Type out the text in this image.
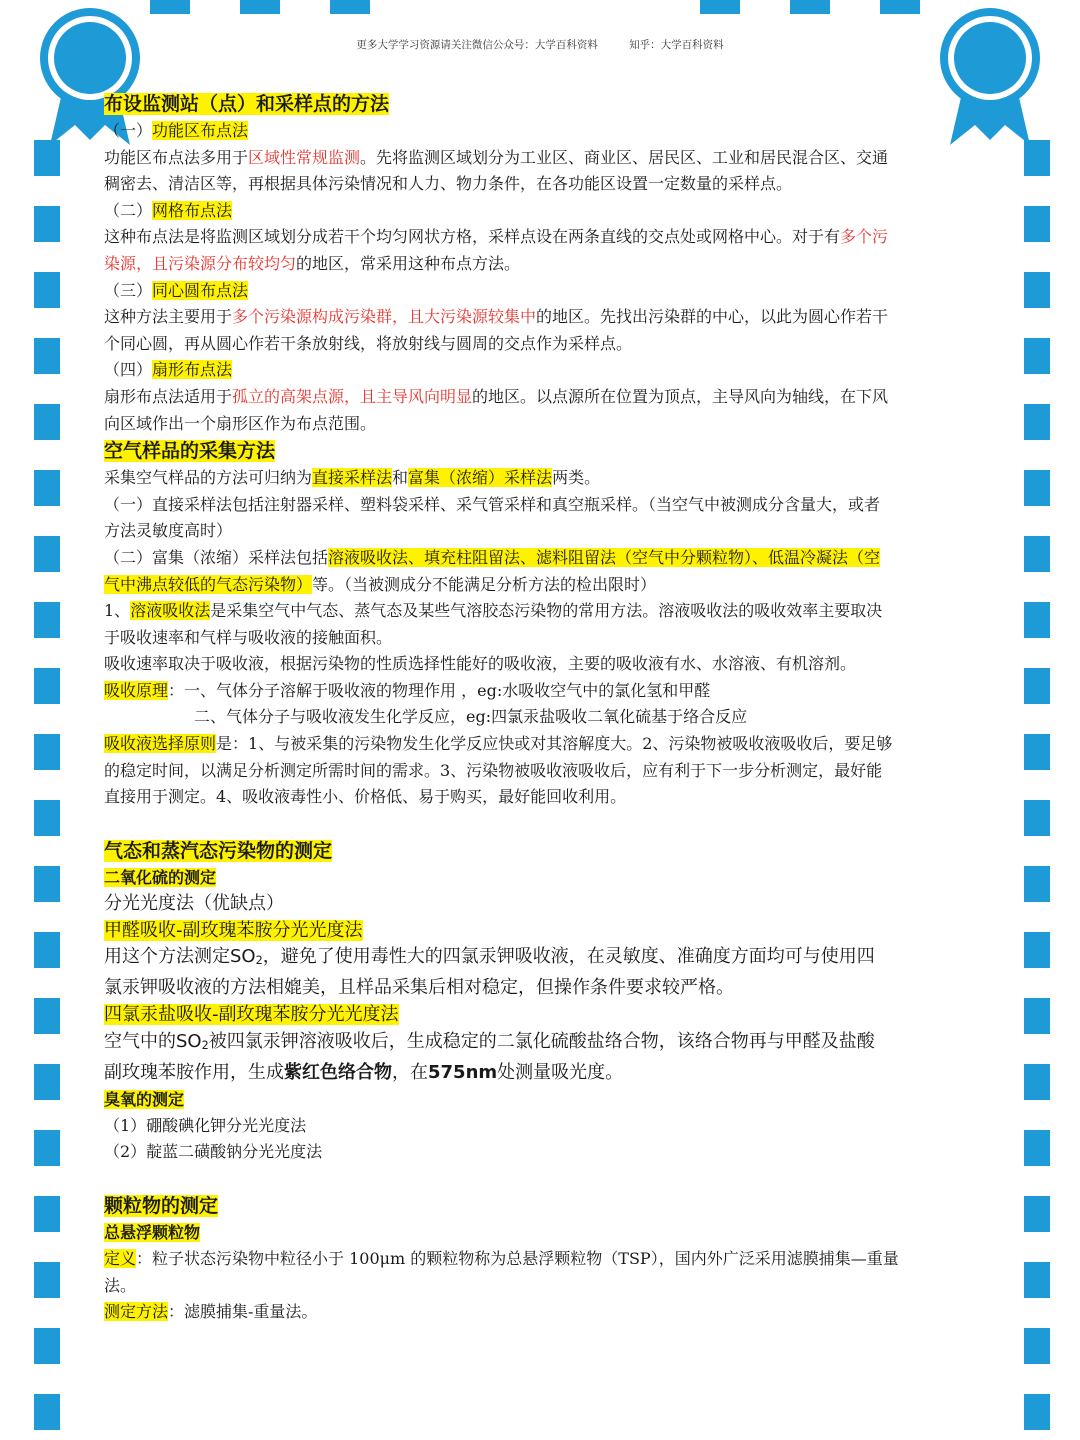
更多大学学习资源请关注微信公众号：大学百科资料	知乎：大学百科资料
布设监测站（点）和采样点的方法
（一）功能区布点法
功能区布点法多用于区域性常规监测。先将监测区域划分为工业区、商业区、居民区、工业和居民混合区、交通
稠密去、清洁区等，再根据具体污染情况和人力、物力条件，在各功能区设置一定数量的采样点。
（二）网格布点法
这种布点法是将监测区域划分成若干个均匀网状方格，采样点设在两条直线的交点处或网格中心。对于有多个污
染源，且污染源分布较均匀的地区，常采用这种布点方法。
（三）同心圆布点法
这种方法主要用于多个污染源构成污染群，且大污染源较集中的地区。先找出污染群的中心，以此为圆心作若干
个同心圆，再从圆心作若干条放射线，将放射线与圆周的交点作为采样点。
（四）扇形布点法
扇形布点法适用于孤立的高架点源，且主导风向明显的地区。以点源所在位置为顶点，主导风向为轴线，在下风
向区域作出一个扇形区作为布点范围。
空气样品的采集方法
采集空气样品的方法可归纳为直接采样法和富集（浓缩）采样法两类。
（一）直接采样法包括注射器采样、塑料袋采样、采气管采样和真空瓶采样。（当空气中被测成分含量大，或者
方法灵敏度高时）
（二）富集（浓缩）采样法包括溶液吸收法、填充柱阻留法、滤料阻留法（空气中分颗粒物）、低温冷凝法（空
气中沸点较低的气态污染物）等。（当被测成分不能满足分析方法的检出限时）
1、溶液吸收法是采集空气中气态、蒸气态及某些气溶胶态污染物的常用方法。溶液吸收法的吸收效率主要取决
于吸收速率和气样与吸收液的接触面积。
吸收速率取决于吸收液，根据污染物的性质选择性能好的吸收液，主要的吸收液有水、水溶液、有机溶剂。
吸收原理：一、气体分子溶解于吸收液的物理作用 ，eg:水吸收空气中的氯化氢和甲醛
二、气体分子与吸收液发生化学反应，eg:四氯汞盐吸收二氧化硫基于络合反应
吸收液选择原则是：1、与被采集的污染物发生化学反应快或对其溶解度大。2、污染物被吸收液吸收后，要足够
的稳定时间，以满足分析测定所需时间的需求。3、污染物被吸收液吸收后，应有利于下一步分析测定，最好能
直接用于测定。4、吸收液毒性小、价格低、易于购买，最好能回收利用。
气态和蒸汽态污染物的测定
二氧化硫的测定
分光光度法（优缺点）
甲醛吸收-副玫瑰苯胺分光光度法
用这个方法测定$SO_2$，避免了使用毒性大的四氯汞钾吸收液，在灵敏度、准确度方面均可与使用四
氯汞钾吸收液的方法相媲美，且样品采集后相对稳定，但操作条件要求较严格。
四氯汞盐吸收-副玫瑰苯胺分光光度法
空气中的$SO_2$被四氯汞钾溶液吸收后，生成稳定的二氯化硫酸盐络合物，该络合物再与甲醛及盐酸
副玫瑰苯胺作用，生成紫红色络合物，在575nm处测量吸光度。
臭氧的测定
（1）硼酸碘化钾分光光度法
（2）靛蓝二磺酸钠分光光度法
颗粒物的测定
总悬浮颗粒物
定义：粒子状态污染物中粒径小于 100μm 的颗粒物称为总悬浮颗粒物（TSP），国内外广泛采用滤膜捕集—重量
法。
测定方法：滤膜捕集-重量法。
